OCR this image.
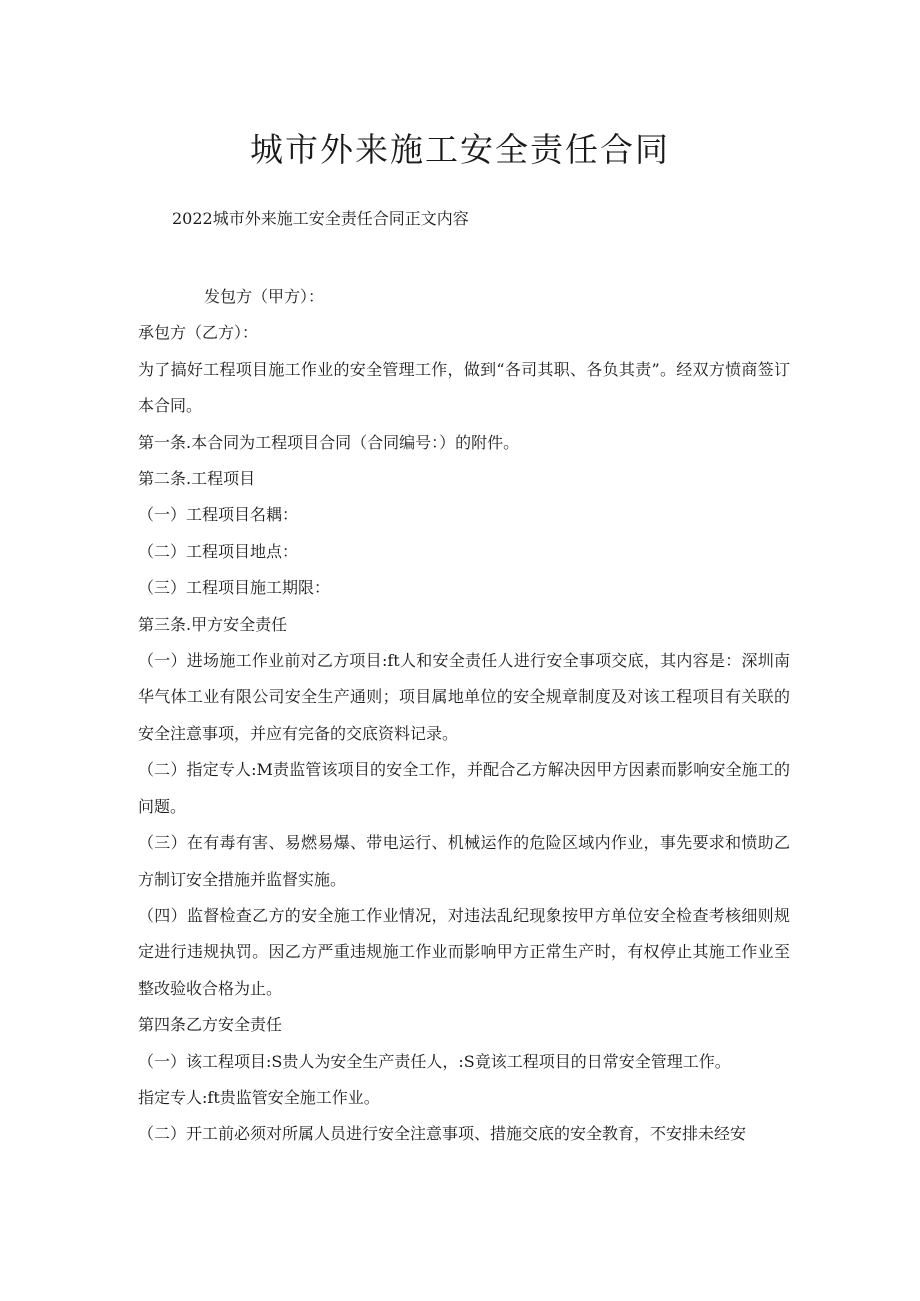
城市外来施工安全责任合同

2022城市外来施工安全责任合同正文内容

发包方（甲方）：

承包方（乙方）：

为了搞好工程项目施工作业的安全管理工作，做到“各司其职、各负其责”。经双方愤商签订本合同。

第一条.本合同为工程项目合同（合同编号：）的附件。

第二条.工程项目

（一）工程项目名耦：

（二）工程项目地点：

（三）工程项目施工期限：

第三条.甲方安全责任

（一）进场施工作业前对乙方项目:ft人和安全责任人进行安全事项交底，其内容是：深圳南华气体工业有限公司安全生产通则；项目属地单位的安全规章制度及对该工程项目有关联的安全注意事项，并应有完备的交底资料记录。

（二）指定专人:M责监管该项目的安全工作，并配合乙方解决因甲方因素而影响安全施工的问题。

（三）在有毒有害、易燃易爆、带电运行、机械运作的危险区域内作业，事先要求和愤助乙方制订安全措施并监督实施。

（四）监督检查乙方的安全施工作业情况，对违法乱纪现象按甲方单位安全检查考核细则规定进行违规执罚。因乙方严重违规施工作业而影响甲方正常生产时，有权停止其施工作业至整改验收合格为止。

第四条乙方安全责任

（一）该工程项目:S贵人为安全生产责任人，:S竟该工程项目的日常安全管理工作。

指定专人:ft贵监管安全施工作业。

（二）开工前必须对所属人员进行安全注意事项、措施交底的安全教育，不安排未经安
